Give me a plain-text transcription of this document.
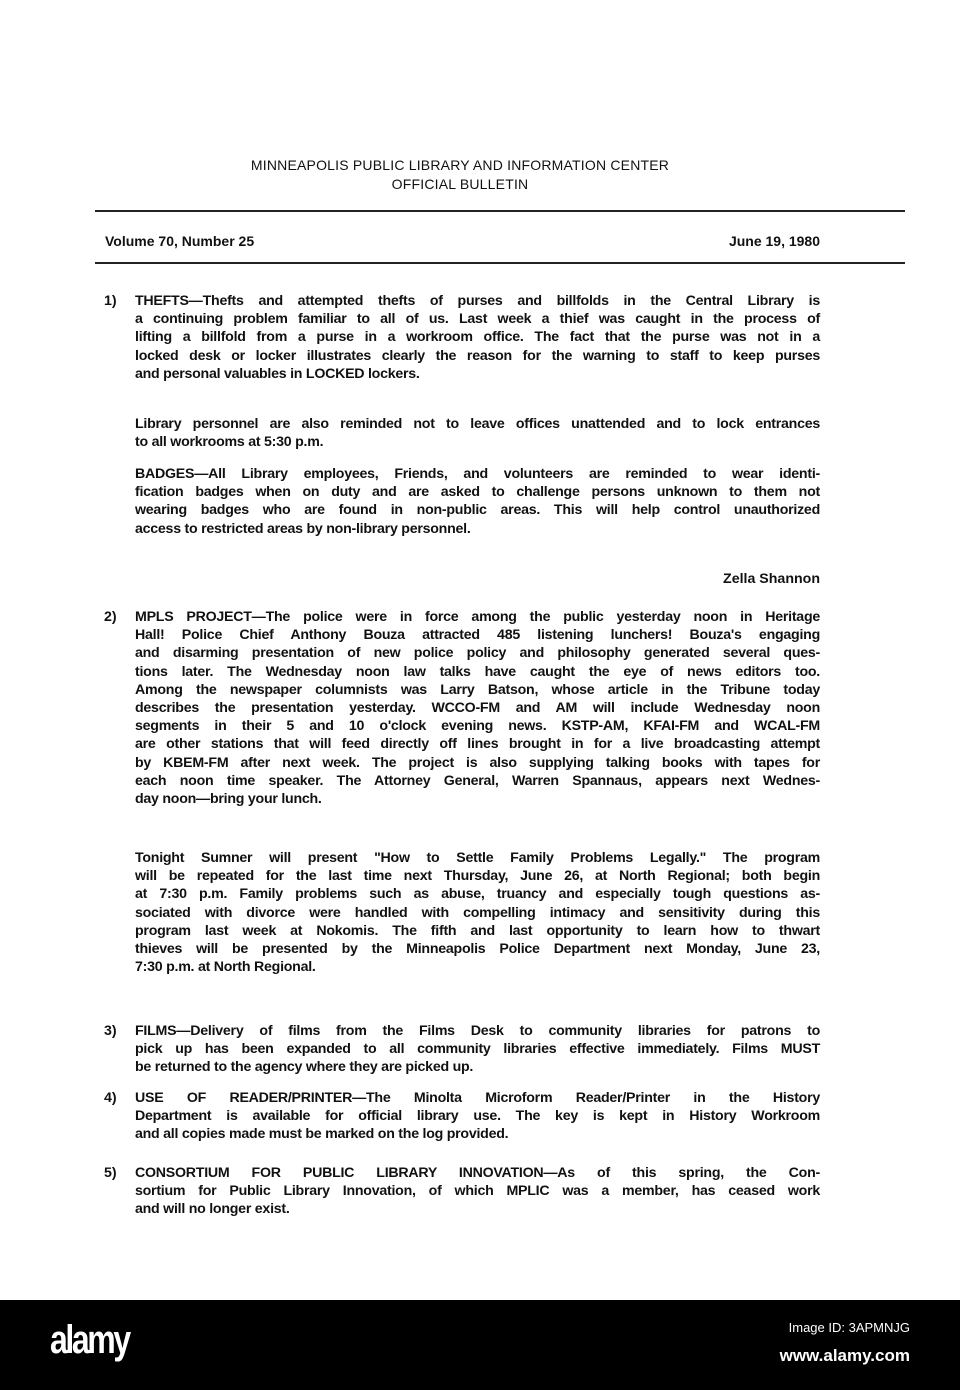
MINNEAPOLIS PUBLIC LIBRARY AND INFORMATION CENTER
OFFICIAL BULLETIN
Volume 70, Number 25	June 19, 1980
1) THEFTS—Thefts and attempted thefts of purses and billfolds in the Central Library is
a continuing problem familiar to all of us. Last week a thief was caught in the process of
lifting a billfold from a purse in a workroom office. The fact that the purse was not in a
locked desk or locker illustrates clearly the reason for the warning to staff to keep purses
and personal valuables in LOCKED lockers.
Library personnel are also reminded not to leave offices unattended and to lock entrances
to all workrooms at 5:30 p.m.
BADGES—All Library employees, Friends, and volunteers are reminded to wear identi-
fication badges when on duty and are asked to challenge persons unknown to them not
wearing badges who are found in non-public areas. This will help control unauthorized
access to restricted areas by non-library personnel.
2) MPLS PROJECT—The police were in force among the public yesterday noon in Heritage
Hall! Police Chief Anthony Bouza attracted 485 listening lunchers! Bouza's engaging
and disarming presentation of new police policy and philosophy generated several ques-
tions later. The Wednesday noon law talks have caught the eye of news editors too.
Among the newspaper columnists was Larry Batson, whose article in the Tribune today
describes the presentation yesterday. WCCO-FM and AM will include Wednesday noon
segments in their 5 and 10 o'clock evening news. KSTP-AM, KFAI-FM and WCAL-FM
are other stations that will feed directly off lines brought in for a live broadcasting attempt
by KBEM-FM after next week. The project is also supplying talking books with tapes for
each noon time speaker. The Attorney General, Warren Spannaus, appears next Wednes-
day noon—bring your lunch.
Tonight Sumner will present "How to Settle Family Problems Legally." The program
will be repeated for the last time next Thursday, June 26, at North Regional; both begin
at 7:30 p.m. Family problems such as abuse, truancy and especially tough questions as-
sociated with divorce were handled with compelling intimacy and sensitivity during this
program last week at Nokomis. The fifth and last opportunity to learn how to thwart
thieves will be presented by the Minneapolis Police Department next Monday, June 23,
7:30 p.m. at North Regional.
3) FILMS—Delivery of films from the Films Desk to community libraries for patrons to
pick up has been expanded to all community libraries effective immediately. Films MUST
be returned to the agency where they are picked up.
4) USE OF READER/PRINTER—The Minolta Microform Reader/Printer in the History
Department is available for official library use. The key is kept in History Workroom
and all copies made must be marked on the log provided.
5) CONSORTIUM FOR PUBLIC LIBRARY INNOVATION—As of this spring, the Con-
sortium for Public Library Innovation, of which MPLIC was a member, has ceased work
and will no longer exist.
Zella Shannon
alamy	Image ID: 3APMNJG
www.alamy.com
